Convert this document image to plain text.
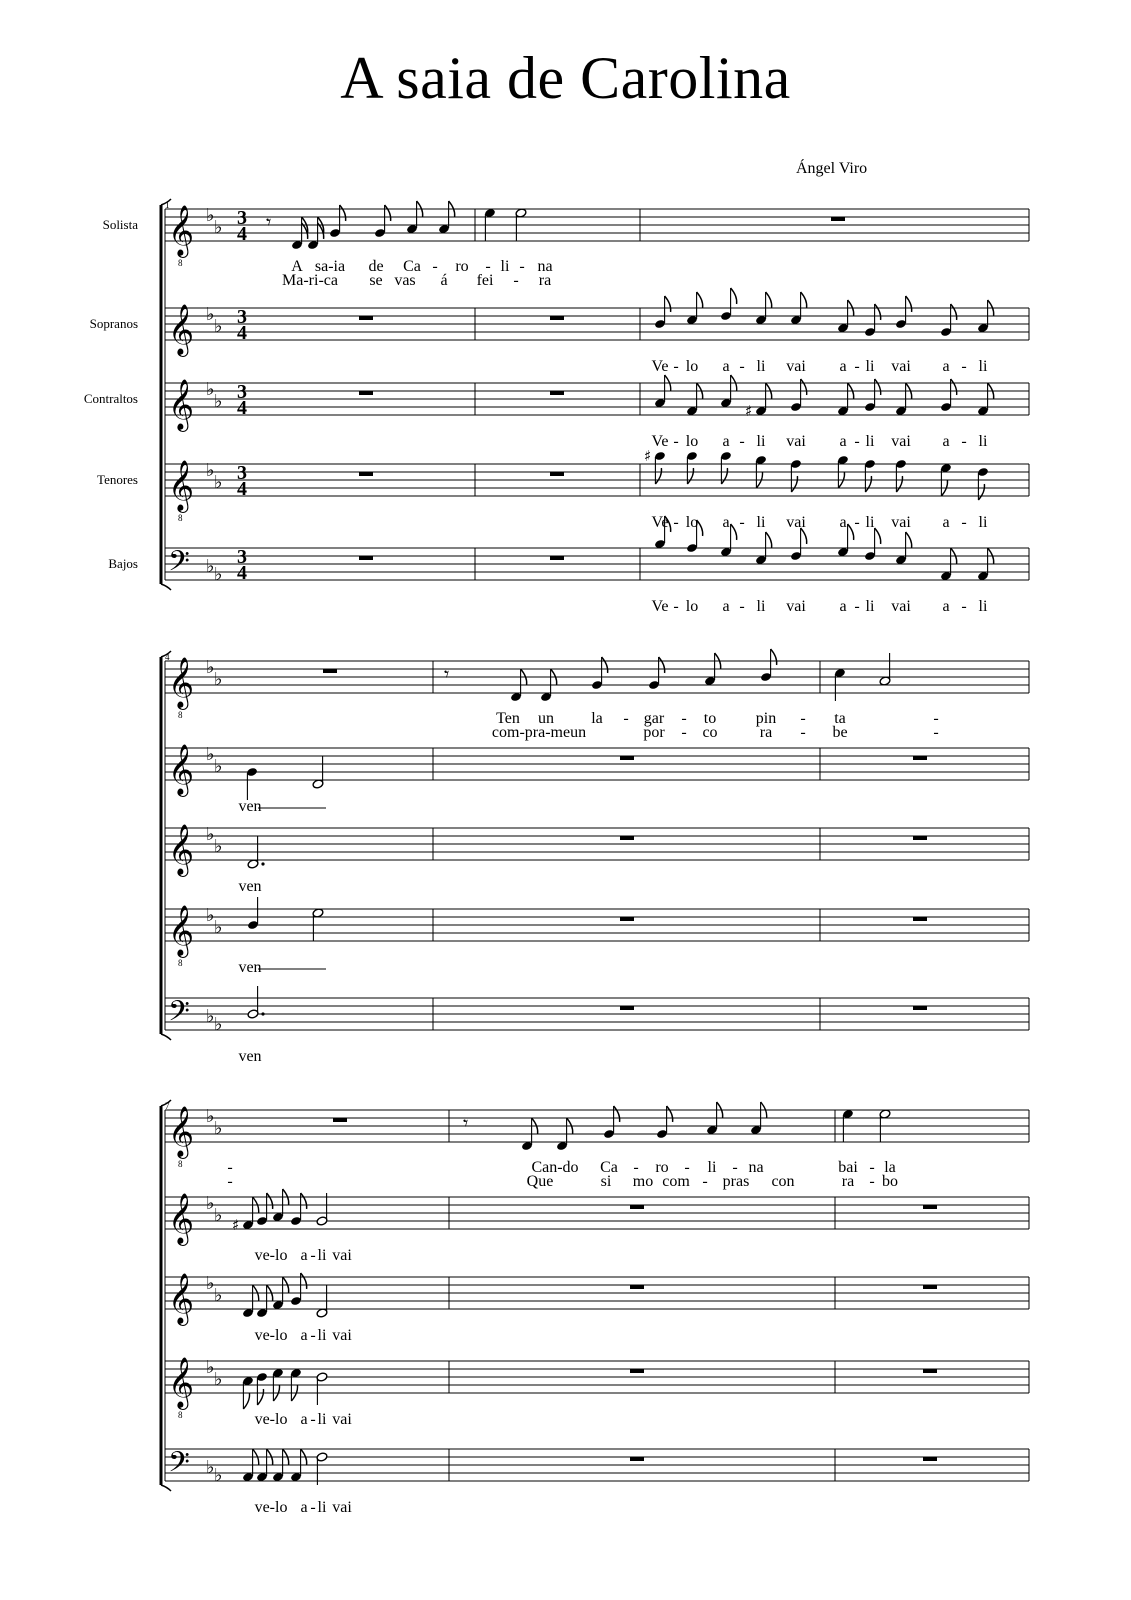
A saia de Carolina
Ángel Viro
1
𝄞
8
♭
♭ 3
4
Solista
𝄞 ♭
♭ 3
4
Sopranos
𝄞 ♭
♭ 3
4
Contraltos
𝄞
8
♭
♭ 3
4
Tenores
𝄢 ♭ ♭
3
4
Bajos
𝄾
♯
♯
A sa-ia de Ca - ro - li - na
Ma-ri-ca se vas á fei - ra
Ve - lo a - li vai a - li vai a - li
Ve - lo a - li vai a - li vai a - li
Ve - lo a - li vai a - li vai a - li
Ve - lo a - li vai a - li vai a - li
4
𝄞
8
♭
♭
𝄞 ♭
♭
𝄞 ♭
♭
𝄞
8
♭
♭
𝄢 ♭ ♭
𝄾
Ten un la - gar - to pin - ta	-
com-pra-meun	por - co	ra - be	-
ven
ven
ven
ven
7
𝄞
8
♭
♭
𝄞 ♭
♭
𝄞 ♭
♭
𝄞
8
♭
♭
𝄢 ♭ ♭
𝄾
♯
-	Can-do Ca - ro - li - na	bai - la
-	Que	si mo com - pras con	ra - bo
ve-lo a - li vai
ve-lo a - li vai
ve-lo a - li vai
ve-lo a - li vai
